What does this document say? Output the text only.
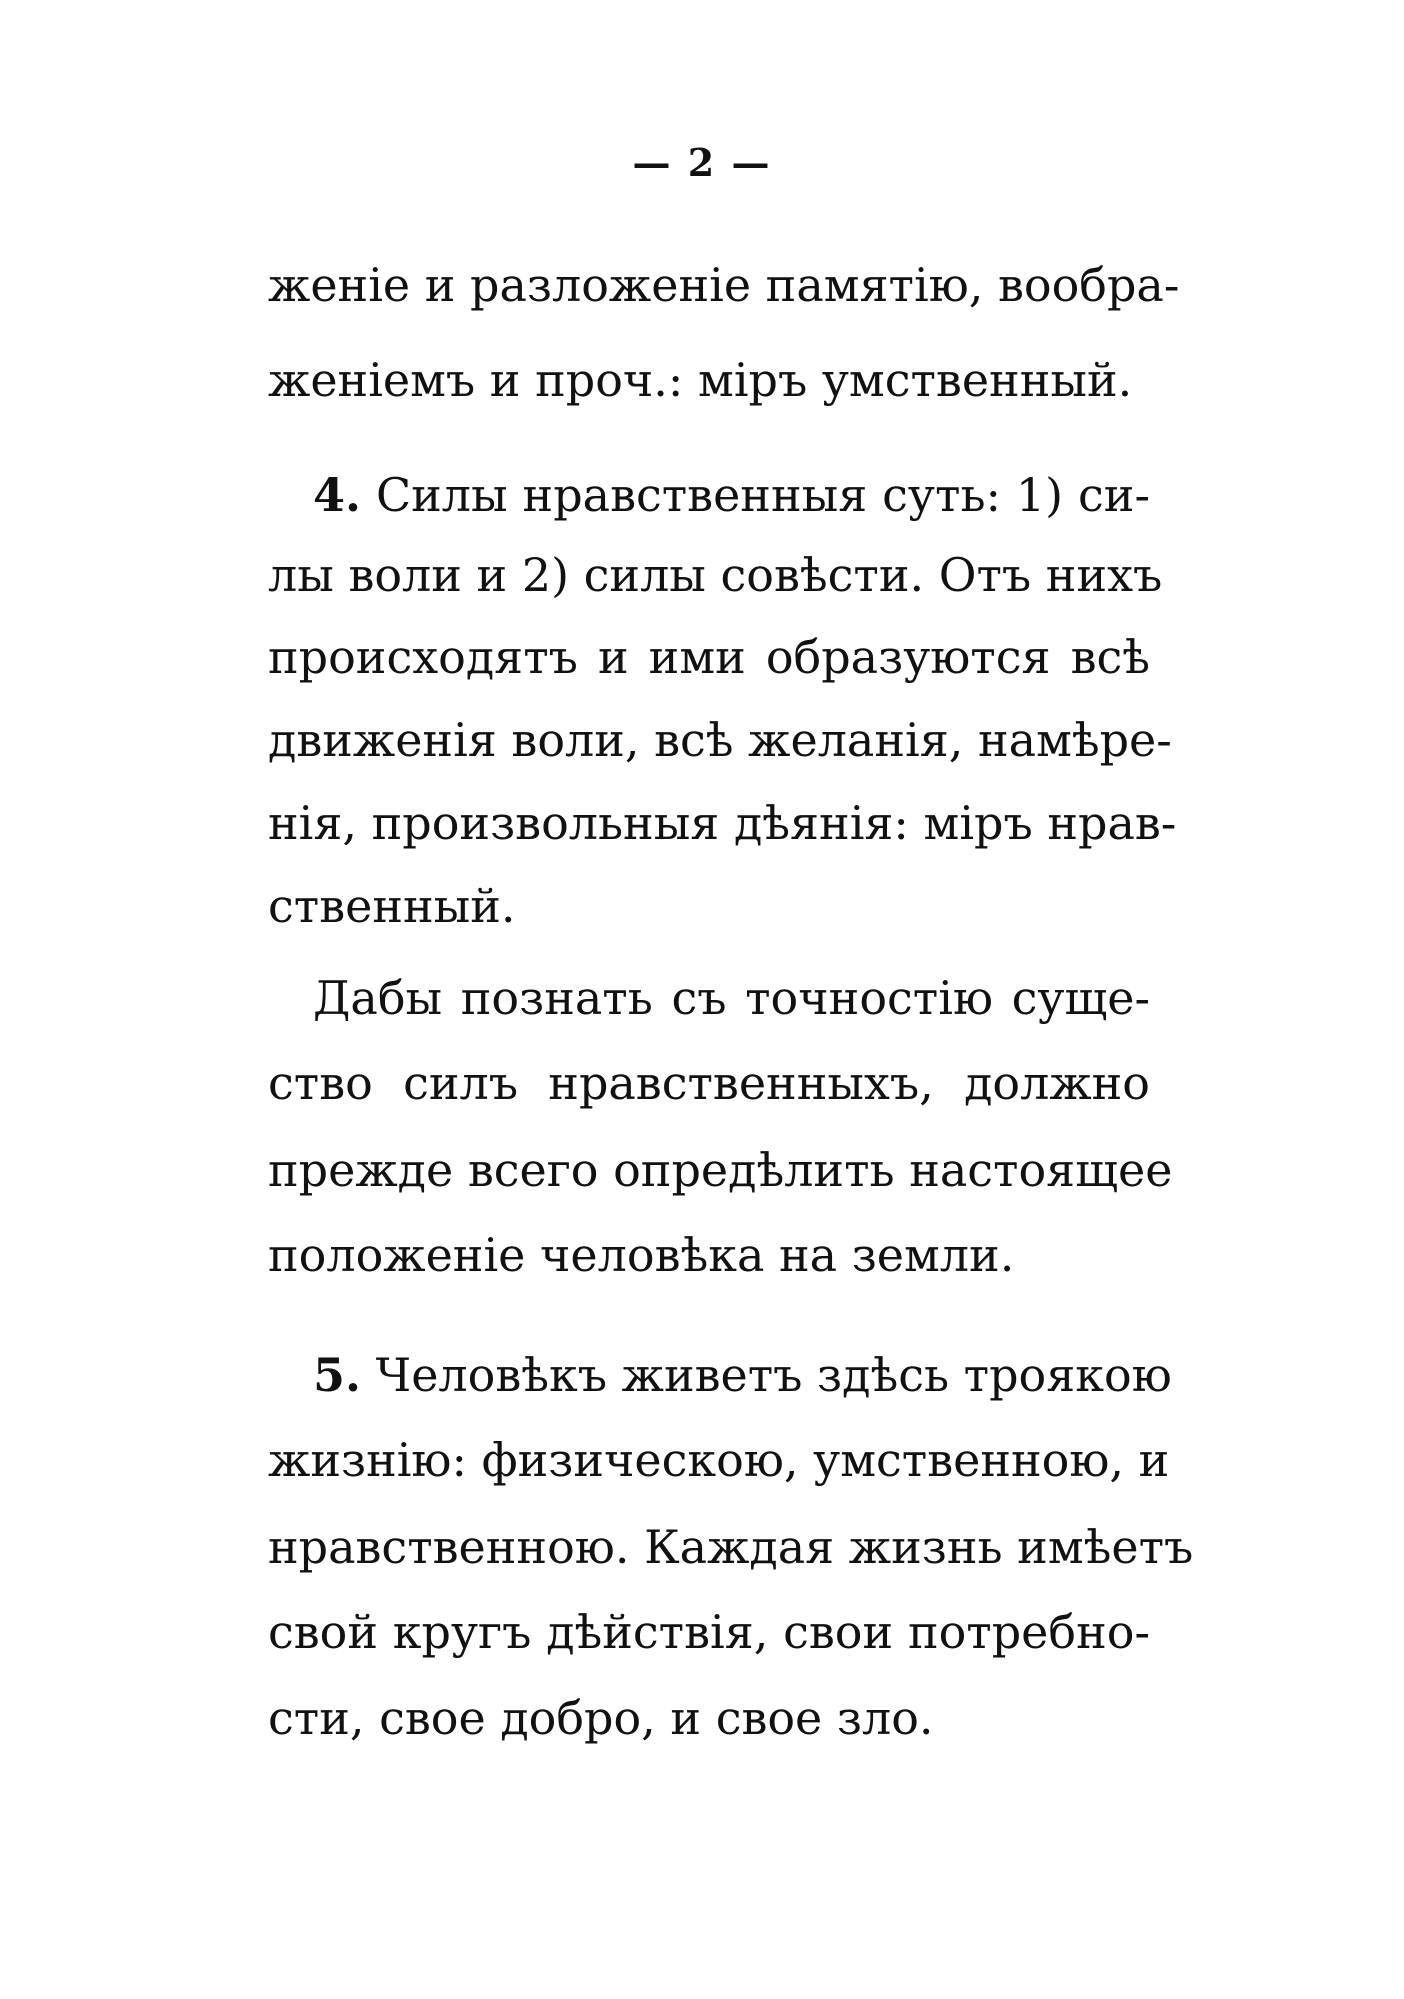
— 2 —
женіе и разложеніе памятію, вообра-
женіемъ и проч.: міръ умственный.
4. Силы нравственныя суть: 1) си-
лы воли и 2) силы совѣсти. Отъ нихъ
происходятъ и ими образуются всѣ
движенія воли, всѣ желанія, намѣре-
нія, произвольныя дѣянія: міръ нрав-
ственный.
Дабы познать съ точностію суще-
ство силъ нравственныхъ, должно
прежде всего опредѣлить настоящее
положеніе человѣка на земли.
5. Человѣкъ живетъ здѣсь троякою
жизнію: физическою, умственною, и
нравственною. Каждая жизнь имѣетъ
свой кругъ дѣйствія, свои потребно-
сти, свое добро, и свое зло.
